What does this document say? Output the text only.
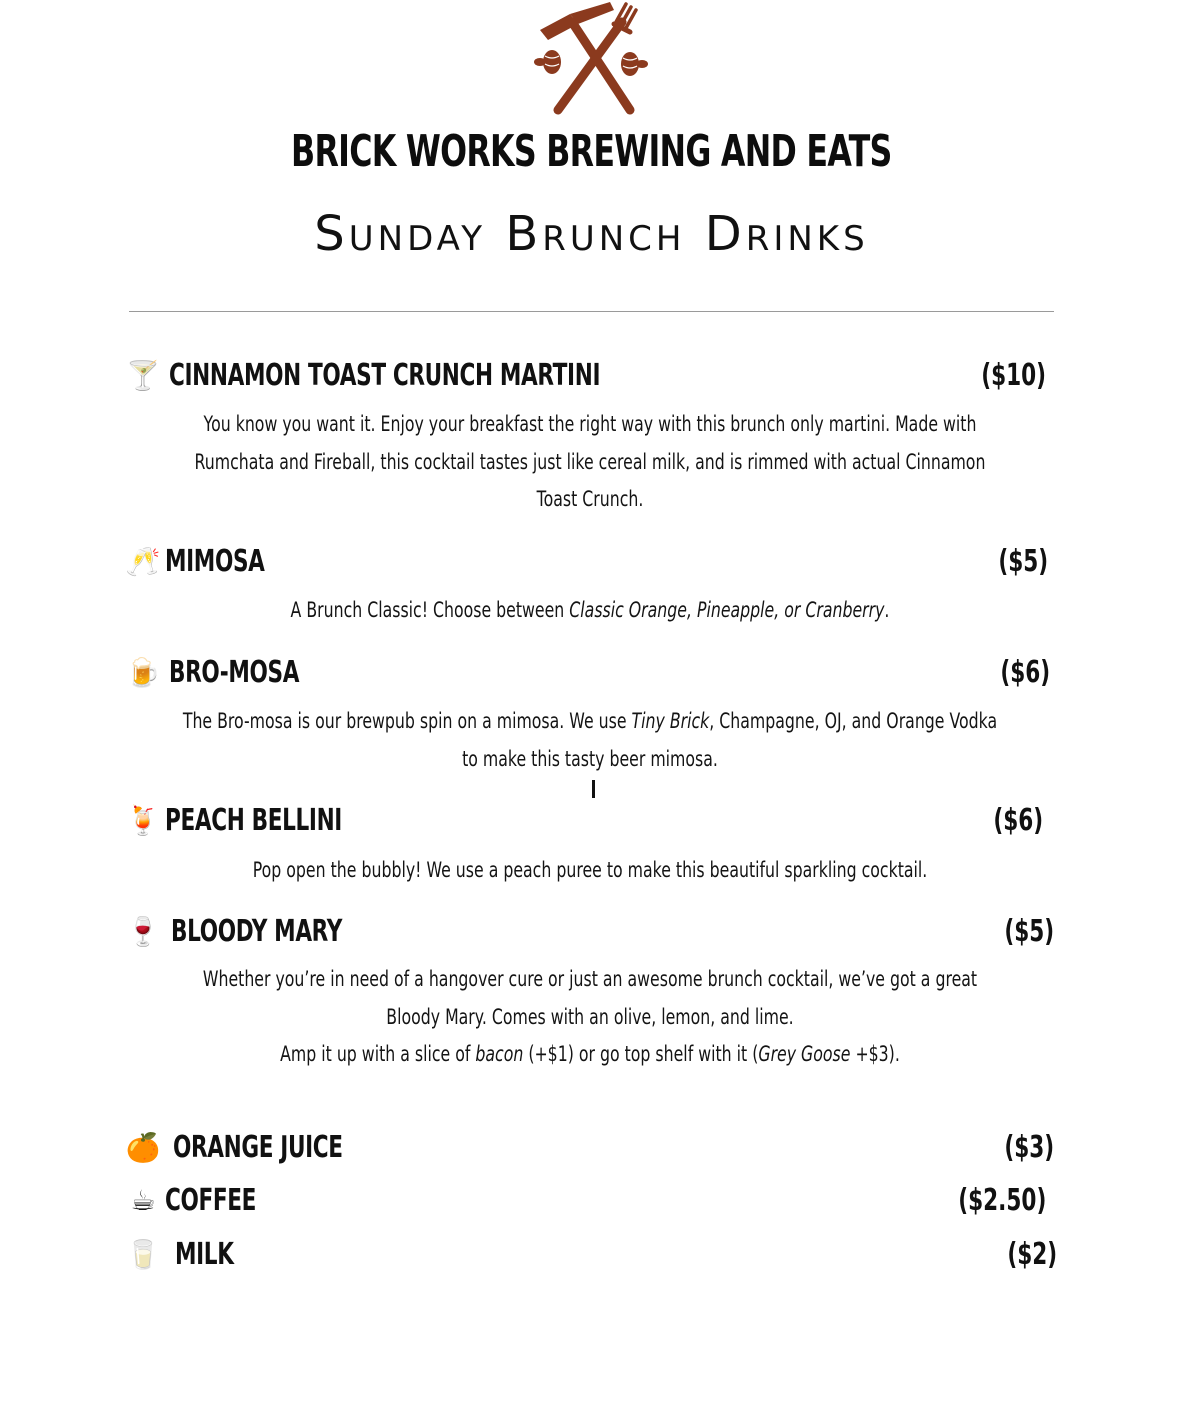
BRICK WORKS BREWING AND EATS
Sunday Brunch Drinks
🍸 CINNAMON TOAST CRUNCH MARTINI	($10)
You know you want it. Enjoy your breakfast the right way with this brunch only martini. Made with
Rumchata and Fireball, this cocktail tastes just like cereal milk, and is rimmed with actual Cinnamon
Toast Crunch.
🥂 MIMOSA	($5)
A Brunch Classic! Choose between Classic Orange, Pineapple, or Cranberry.
🍺 BRO-MOSA	($6)
The Bro-mosa is our brewpub spin on a mimosa. We use Tiny Brick, Champagne, OJ, and Orange Vodka
to make this tasty beer mimosa.
🍹 PEACH BELLINI	($6)
Pop open the bubbly! We use a peach puree to make this beautiful sparkling cocktail.
🍷 BLOODY MARY	($5)
Whether you’re in need of a hangover cure or just an awesome brunch cocktail, we’ve got a great
Bloody Mary. Comes with an olive, lemon, and lime.
Amp it up with a slice of bacon (+$1) or go top shelf with it (Grey Goose +$3).
🍊 ORANGE JUICE	($3)
☕ COFFEE	($2.50)
🥛 MILK	($2)
